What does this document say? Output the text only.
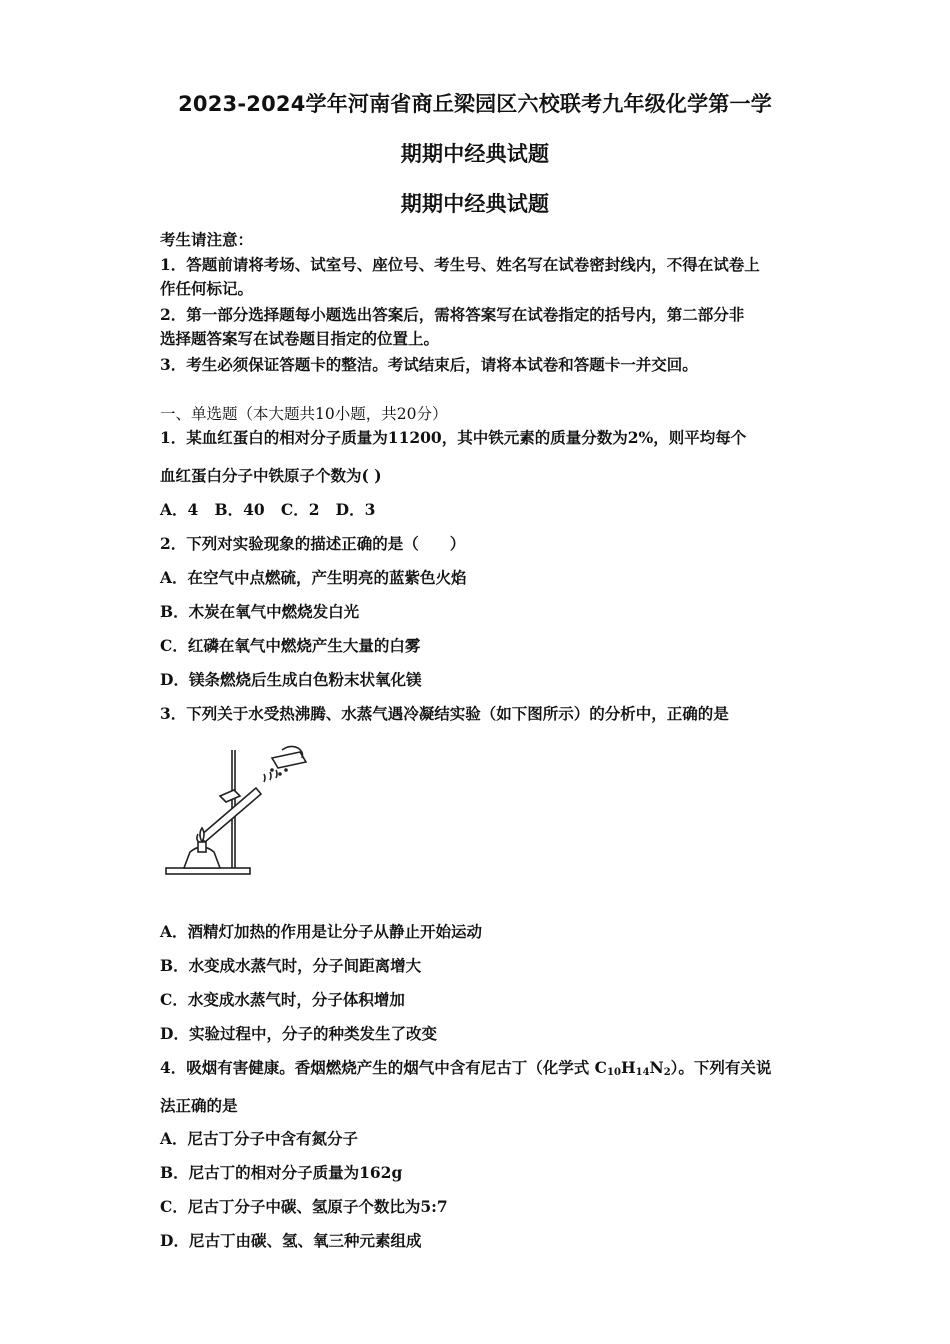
2023-2024学年河南省商丘梁园区六校联考九年级化学第一学
期期中经典试题
期期中经典试题
考生请注意：
1．答题前请将考场、试室号、座位号、考生号、姓名写在试卷密封线内，不得在试卷上
作任何标记。
2．第一部分选择题每小题选出答案后，需将答案写在试卷指定的括号内，第二部分非
选择题答案写在试卷题目指定的位置上。
3．考生必须保证答题卡的整洁。考试结束后，请将本试卷和答题卡一并交回。
一、单选题（本大题共10小题，共20分）
1．某血红蛋白的相对分子质量为11200，其中铁元素的质量分数为2%，则平均每个
血红蛋白分子中铁原子个数为( )
A．4   B．40   C．2   D．3
2．下列对实验现象的描述正确的是（　　）
A．在空气中点燃硫，产生明亮的蓝紫色火焰
B．木炭在氧气中燃烧发白光
C．红磷在氧气中燃烧产生大量的白雾
D．镁条燃烧后生成白色粉末状氧化镁
3．下列关于水受热沸腾、水蒸气遇冷凝结实验（如下图所示）的分析中，正确的是
A．酒精灯加热的作用是让分子从静止开始运动
B．水变成水蒸气时，分子间距离增大
C．水变成水蒸气时，分子体积增加
D．实验过程中，分子的种类发生了改变
4．吸烟有害健康。香烟燃烧产生的烟气中含有尼古丁（化学式 $C_{10}H_{14}N_2$）。下列有关说
法正确的是
A．尼古丁分子中含有氮分子
B．尼古丁的相对分子质量为162g
C．尼古丁分子中碳、氢原子个数比为5:7
D．尼古丁由碳、氢、氧三种元素组成
